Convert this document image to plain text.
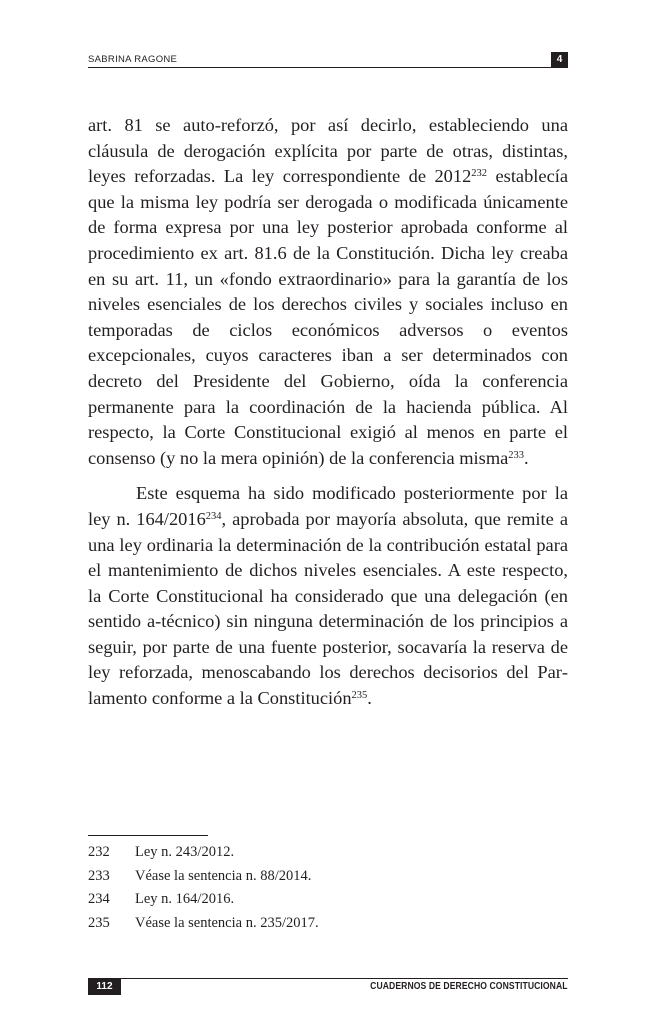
SABRINA RAGONE	4

art. 81 se auto-reforzó, por así decirlo, estableciendo una cláusula de derogación explícita por parte de otras, distintas, leyes reforzadas. La ley correspondiente de 2012$^{232}$ establecía que la misma ley podría ser derogada o modificada únicamente de forma expresa por una ley posterior aprobada conforme al procedimiento ex art. 81.6 de la Constitución. Dicha ley creaba en su art. 11, un «fondo extraordinario» para la garantía de los niveles esenciales de los derechos civiles y sociales incluso en temporadas de ciclos económicos adversos o eventos excepcionales, cuyos caracteres iban a ser determinados con decreto del Presidente del Gobierno, oída la conferencia permanente para la coordinación de la hacienda pública. Al respecto, la Corte Constitucional exigió al menos en parte el consenso (y no la mera opinión) de la conferencia misma$^{233}$.

Este esquema ha sido modificado posteriormente por la ley n. 164/2016$^{234}$, aprobada por mayoría absoluta, que remite a una ley ordinaria la determinación de la contribución estatal para el mantenimiento de dichos niveles esenciales. A este respecto, la Corte Constitucional ha considerado que una delegación (en sentido a-técnico) sin ninguna determinación de los principios a seguir, por parte de una fuente posterior, socavaría la reserva de ley reforzada, menoscabando los derechos decisorios del Parlamento conforme a la Constitución$^{235}$.

232	Ley n. 243/2012.
233	Véase la sentencia n. 88/2014.
234	Ley n. 164/2016.
235	Véase la sentencia n. 235/2017.
112	CUADERNOS DE DERECHO CONSTITUCIONAL
